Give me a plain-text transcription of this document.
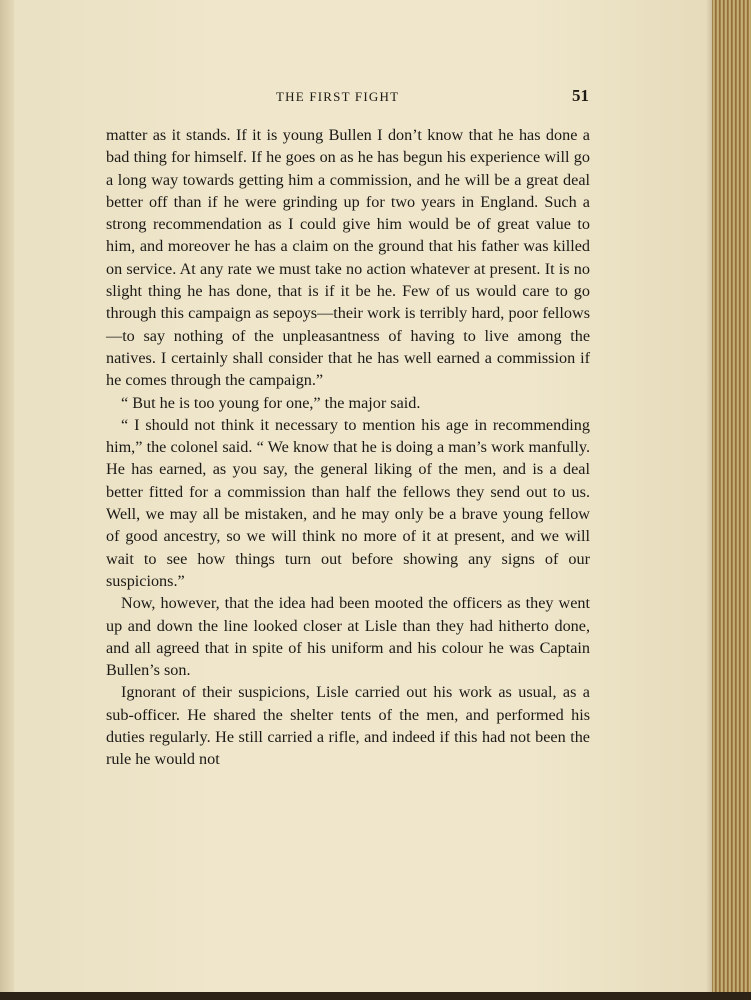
THE FIRST FIGHT	51

matter as it stands. If it is young Bullen I don’t know that he has done a bad thing for himself. If he goes on as he has begun his experience will go a long way towards getting him a commission, and he will be a great deal better off than if he were grinding up for two years in England. Such a strong recommendation as I could give him would be of great value to him, and moreover he has a claim on the ground that his father was killed on service. At any rate we must take no action whatever at present. It is no slight thing he has done, that is if it be he. Few of us would care to go through this campaign as sepoys—their work is terribly hard, poor fellows—to say nothing of the unpleasantness of having to live among the natives. I certainly shall consider that he has well earned a commission if he comes through the campaign.”

“ But he is too young for one,” the major said.

“ I should not think it necessary to mention his age in recommending him,” the colonel said. “ We know that he is doing a man’s work manfully. He has earned, as you say, the general liking of the men, and is a deal better fitted for a commission than half the fellows they send out to us. Well, we may all be mistaken, and he may only be a brave young fellow of good ancestry, so we will think no more of it at present, and we will wait to see how things turn out before showing any signs of our suspicions.”

Now, however, that the idea had been mooted the officers as they went up and down the line looked closer at Lisle than they had hitherto done, and all agreed that in spite of his uniform and his colour he was Captain Bullen’s son.

Ignorant of their suspicions, Lisle carried out his work as usual, as a sub-officer. He shared the shelter tents of the men, and performed his duties regularly. He still carried a rifle, and indeed if this had not been the rule he would not
